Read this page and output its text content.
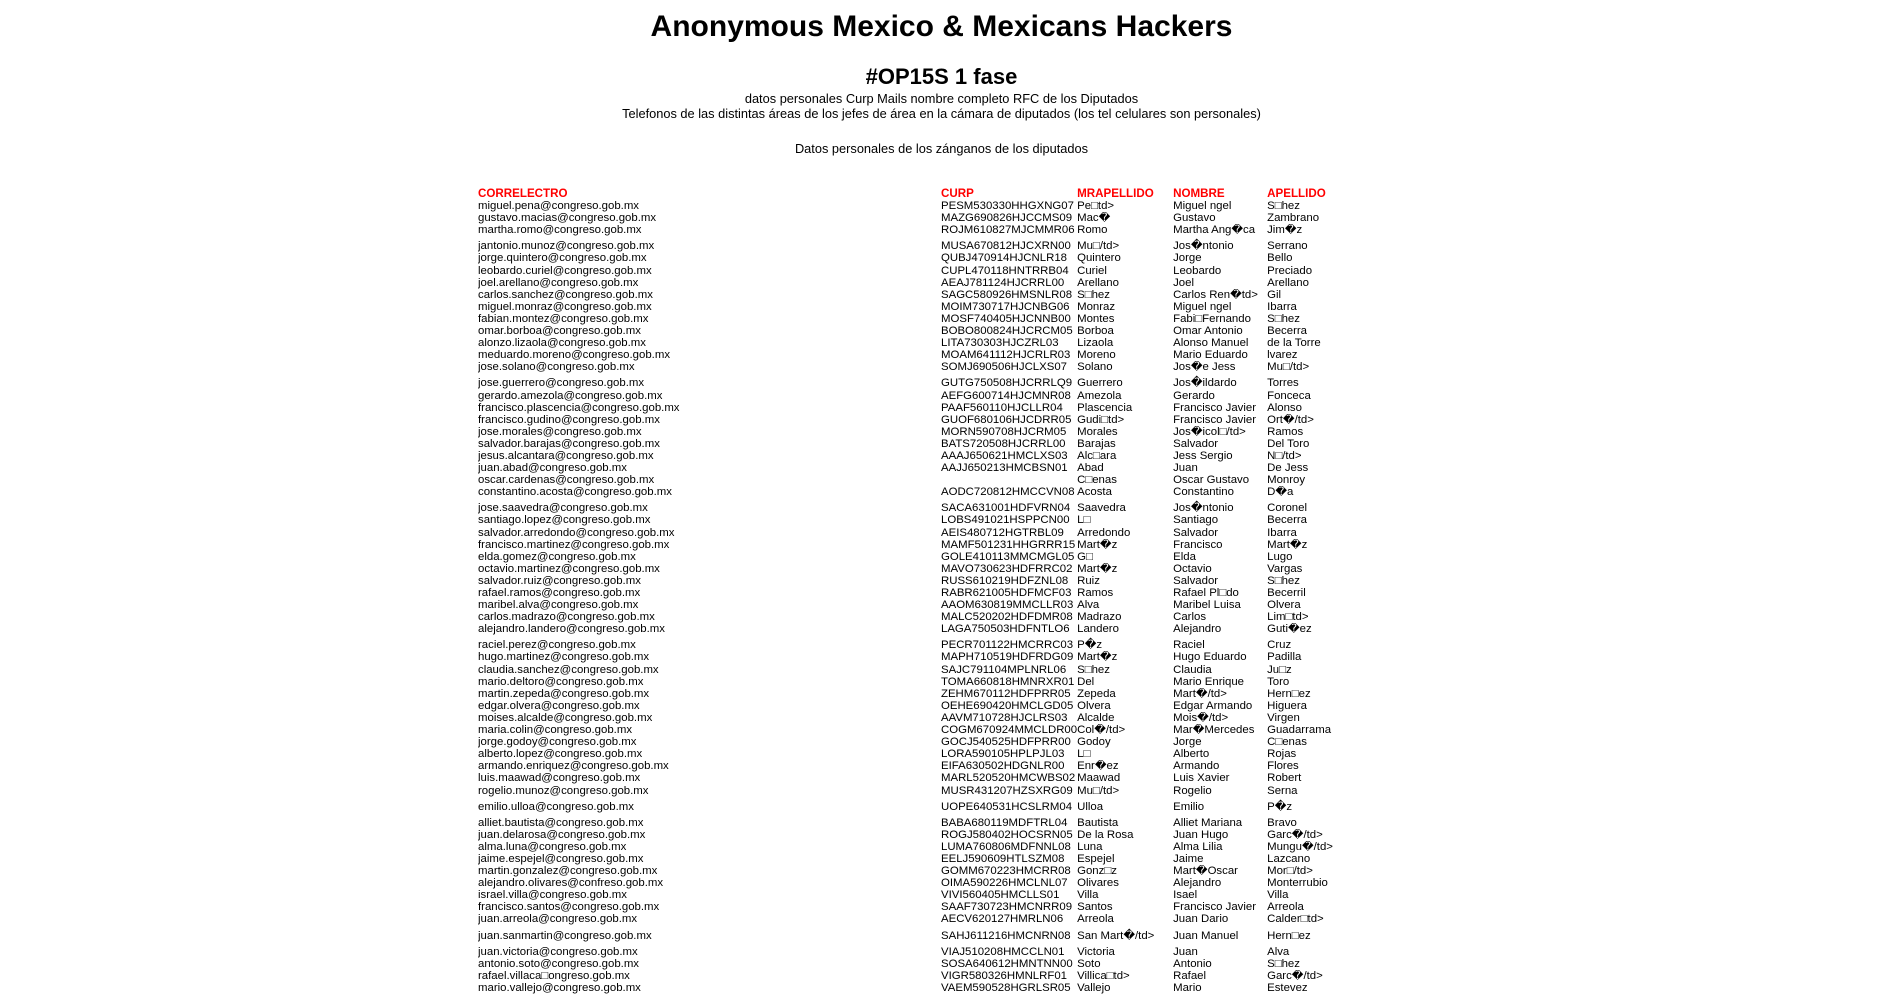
Anonymous Mexico & Mexicans Hackers
#OP15S 1 fase

datos personales Curp Mails nombre completo RFC de los Diputados

Telefonos de las distintas áreas de los jefes de área en la cámara de diputados (los tel celulares son personales)

Datos personales de los zánganos de los diputados

CORRELECTRO	CURP	MRAPELLIDO	NOMBRE	APELLIDO
miguel.pena@congreso.gob.mx	PESM530330HHGXNG07	Pe□td>	Miguel ngel	S□hez
gustavo.macias@congreso.gob.mx	MAZG690826HJCCMS09	Mac�	Gustavo	Zambrano
martha.romo@congreso.gob.mx	ROJM610827MJCMMR06	Romo	Martha Ang�ca	Jim�z
jantonio.munoz@congreso.gob.mx	MUSA670812HJCXRN00	Mu□/td>	Jos�ntonio	Serrano
jorge.quintero@congreso.gob.mx	QUBJ470914HJCNLR18	Quintero	Jorge	Bello
leobardo.curiel@congreso.gob.mx	CUPL470118HNTRRB04	Curiel	Leobardo	Preciado
joel.arellano@congreso.gob.mx	AEAJ781124HJCRRL00	Arellano	Joel	Arellano
carlos.sanchez@congreso.gob.mx	SAGC580926HMSNLR08	S□hez	Carlos Ren�td>	Gil
miguel.monraz@congreso.gob.mx	MOIM730717HJCNBG06	Monraz	Miguel ngel	Ibarra
fabian.montez@congreso.gob.mx	MOSF740405HJCNNB00	Montes	Fabi□Fernando	S□hez
omar.borboa@congreso.gob.mx	BOBO800824HJCRCM05	Borboa	Omar Antonio	Becerra
alonzo.lizaola@congreso.gob.mx	LITA730303HJCZRL03	Lizaola	Alonso Manuel	de la Torre
meduardo.moreno@congreso.gob.mx	MOAM641112HJCRLR03	Moreno	Mario Eduardo	lvarez
jose.solano@congreso.gob.mx	SOMJ690506HJCLXS07	Solano	Jos�e Jess	Mu□/td>
jose.guerrero@congreso.gob.mx	GUTG750508HJCRRLQ9	Guerrero	Jos�ildardo	Torres
gerardo.amezola@congreso.gob.mx	AEFG600714HJCMNR08	Amezola	Gerardo	Fonceca
francisco.plascencia@congreso.gob.mx	PAAF560110HJCLLR04	Plascencia	Francisco Javier	Alonso
francisco.gudino@congreso.gob.mx	GUOF680106HJCDRR05	Gudi□td>	Francisco Javier	Ort�/td>
jose.morales@congreso.gob.mx	MORN590708HJCRM05	Morales	Jos�icol□/td>	Ramos
salvador.barajas@congreso.gob.mx	BATS720508HJCRRL00	Barajas	Salvador	Del Toro
jesus.alcantara@congreso.gob.mx	AAAJ650621HMCLXS03	Alc□ara	Jess Sergio	N□/td>
juan.abad@congreso.gob.mx	AAJJ650213HMCBSN01	Abad	Juan	De Jess
oscar.cardenas@congreso.gob.mx		C□enas	Oscar Gustavo	Monroy
constantino.acosta@congreso.gob.mx	AODC720812HMCCVN08	Acosta	Constantino	D�a
jose.saavedra@congreso.gob.mx	SACA631001HDFVRN04	Saavedra	Jos�ntonio	Coronel
santiago.lopez@congreso.gob.mx	LOBS491021HSPPCN00	L□	Santiago	Becerra
salvador.arredondo@congreso.gob.mx	AEIS480712HGTRBL09	Arredondo	Salvador	Ibarra
francisco.martinez@congreso.gob.mx	MAMF501231HHGRRR15	Mart�z	Francisco	Mart�z
elda.gomez@congreso.gob.mx	GOLE410113MMCMGL05	G□	Elda	Lugo
octavio.martinez@congreso.gob.mx	MAVO730623HDFRRC02	Mart�z	Octavio	Vargas
salvador.ruiz@congreso.gob.mx	RUSS610219HDFZNL08	Ruiz	Salvador	S□hez
rafael.ramos@congreso.gob.mx	RABR621005HDFMCF03	Ramos	Rafael Pl□do	Becerril
maribel.alva@congreso.gob.mx	AAOM630819MMCLLR03	Alva	Maribel Luisa	Olvera
carlos.madrazo@congreso.gob.mx	MALC520202HDFDMR08	Madrazo	Carlos	Lim□td>
alejandro.landero@congreso.gob.mx	LAGA750503HDFNTLO6	Landero	Alejandro	Guti�ez
raciel.perez@congreso.gob.mx	PECR701122HMCRRC03	P�z	Raciel	Cruz
hugo.martinez@congreso.gob.mx	MAPH710519HDFRDG09	Mart�z	Hugo Eduardo	Padilla
claudia.sanchez@congreso.gob.mx	SAJC791104MPLNRL06	S□hez	Claudia	Ju□z
mario.deltoro@congreso.gob.mx	TOMA660818HMNRXR01	Del	Mario Enrique	Toro
martin.zepeda@congreso.gob.mx	ZEHM670112HDFPRR05	Zepeda	Mart�/td>	Hern□ez
edgar.olvera@congreso.gob.mx	OEHE690420HMCLGD05	Olvera	Edgar Armando	Higuera
moises.alcalde@congreso.gob.mx	AAVM710728HJCLRS03	Alcalde	Mois�/td>	Virgen
maria.colin@congreso.gob.mx	COGM670924MMCLDR00	Col�/td>	Mar�Mercedes	Guadarrama
jorge.godoy@congreso.gob.mx	GOCJ540525HDFPRR00	Godoy	Jorge	C□enas
alberto.lopez@congreso.gob.mx	LORA590105HPLPJL03	L□	Alberto	Rojas
armando.enriquez@congreso.gob.mx	EIFA630502HDGNLR00	Enr�ez	Armando	Flores
luis.maawad@congreso.gob.mx	MARL520520HMCWBS02	Maawad	Luis Xavier	Robert
rogelio.munoz@congreso.gob.mx	MUSR431207HZSXRG09	Mu□/td>	Rogelio	Serna
emilio.ulloa@congreso.gob.mx	UOPE640531HCSLRM04	Ulloa	Emilio	P�z
alliet.bautista@congreso.gob.mx	BABA680119MDFTRL04	Bautista	Alliet Mariana	Bravo
juan.delarosa@congreso.gob.mx	ROGJ580402HOCSRN05	De la Rosa	Juan Hugo	Garc�/td>
alma.luna@congreso.gob.mx	LUMA760806MDFNNL08	Luna	Alma Lilia	Mungu�/td>
jaime.espejel@congreso.gob.mx	EELJ590609HTLSZM08	Espejel	Jaime	Lazcano
martin.gonzalez@congreso.gob.mx	GOMM670223HMCRR08	Gonz□z	Mart�Oscar	Mor□/td>
alejandro.olivares@confreso.gob.mx	OIMA590226HMCLNL07	Olivares	Alejandro	Monterrubio
israel.villa@congreso.gob.mx	VIVI560405HMCLLS01	Villa	Isael	Villa
francisco.santos@congreso.gob.mx	SAAF730723HMCNRR09	Santos	Francisco Javier	Arreola
juan.arreola@congreso.gob.mx	AECV620127HMRLN06	Arreola	Juan Dario	Calder□td>
juan.sanmartin@congreso.gob.mx	SAHJ611216HMCNRN08	San Mart�/td>	Juan Manuel	Hern□ez
juan.victoria@congreso.gob.mx	VIAJ510208HMCCLN01	Victoria	Juan	Alva
antonio.soto@congreso.gob.mx	SOSA640612HMNTNN00	Soto	Antonio	S□hez
rafael.villaca□ongreso.gob.mx	VIGR580326HMNLRF01	Villica□td>	Rafael	Garc�/td>
mario.vallejo@congreso.gob.mx	VAEM590528HGRLSR05	Vallejo	Mario	Estevez
